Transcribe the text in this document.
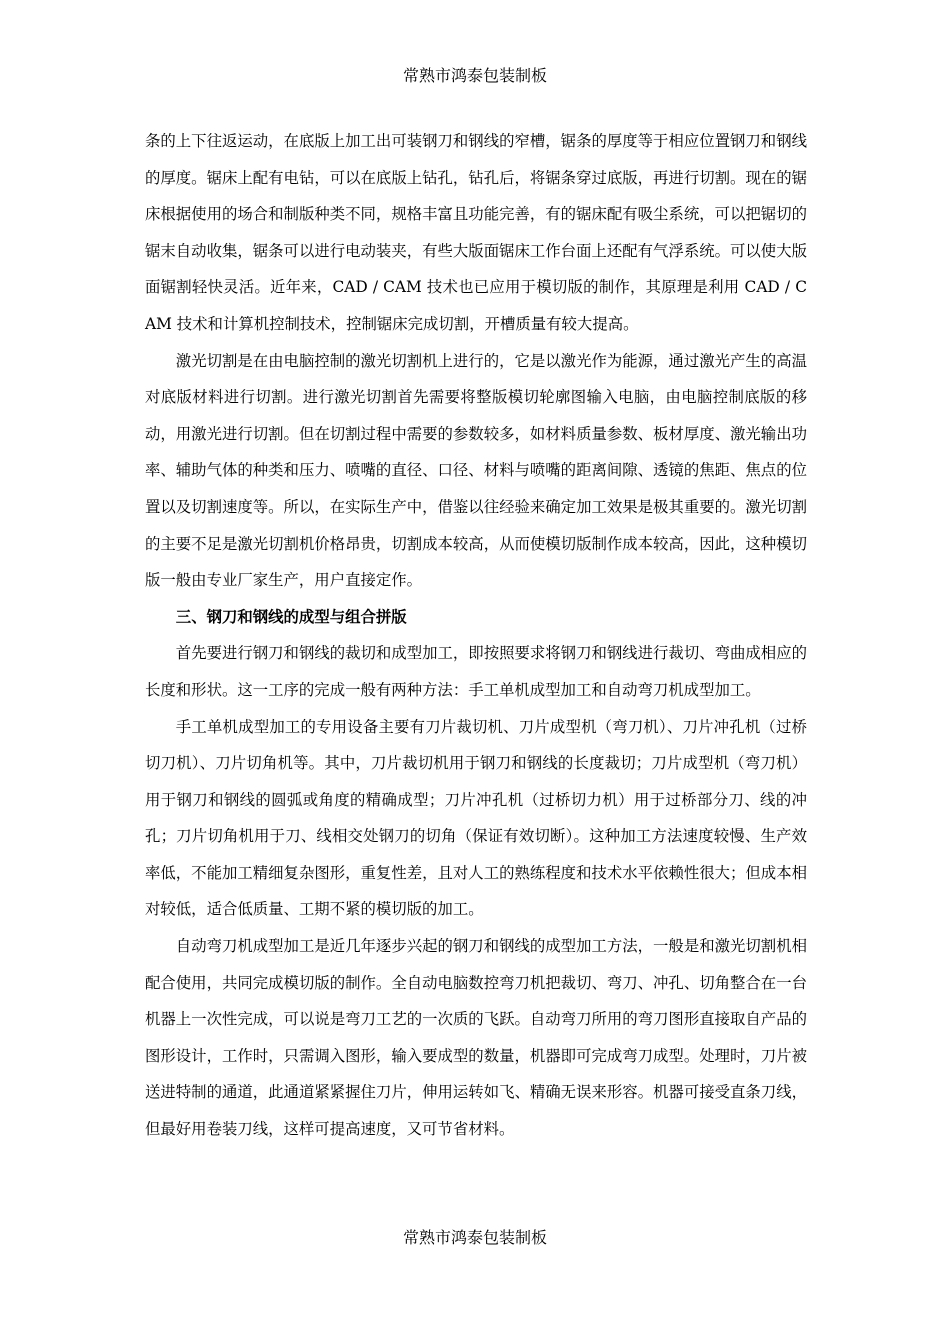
常熟市鸿泰包装制板

条的上下往返运动，在底版上加工出可装钢刀和钢线的窄槽，锯条的厚度等于相应位置钢刀和钢线的厚度。锯床上配有电钻，可以在底版上钻孔，钻孔后，将锯条穿过底版，再进行切割。现在的锯床根据使用的场合和制版种类不同，规格丰富且功能完善，有的锯床配有吸尘系统，可以把锯切的锯末自动收集，锯条可以进行电动装夹，有些大版面锯床工作台面上还配有气浮系统。可以使大版面锯割轻快灵活。近年来，CAD / CAM 技术也已应用于模切版的制作，其原理是利用 CAD / CAM 技术和计算机控制技术，控制锯床完成切割，开槽质量有较大提高。

激光切割是在由电脑控制的激光切割机上进行的，它是以激光作为能源，通过激光产生的高温对底版材料进行切割。进行激光切割首先需要将整版模切轮廓图输入电脑，由电脑控制底版的移动，用激光进行切割。但在切割过程中需要的参数较多，如材料质量参数、板材厚度、激光输出功率、辅助气体的种类和压力、喷嘴的直径、口径、材料与喷嘴的距离间隙、透镜的焦距、焦点的位置以及切割速度等。所以，在实际生产中，借鉴以往经验来确定加工效果是极其重要的。激光切割的主要不足是激光切割机价格昂贵，切割成本较高，从而使模切版制作成本较高，因此，这种模切版一般由专业厂家生产，用户直接定作。

三、钢刀和钢线的成型与组合拼版

首先要进行钢刀和钢线的裁切和成型加工，即按照要求将钢刀和钢线进行裁切、弯曲成相应的长度和形状。这一工序的完成一般有两种方法：手工单机成型加工和自动弯刀机成型加工。

手工单机成型加工的专用设备主要有刀片裁切机、刀片成型机（弯刀机）、刀片冲孔机（过桥切刀机）、刀片切角机等。其中，刀片裁切机用于钢刀和钢线的长度裁切；刀片成型机（弯刀机）用于钢刀和钢线的圆弧或角度的精确成型；刀片冲孔机（过桥切力机）用于过桥部分刀、线的冲孔；刀片切角机用于刀、线相交处钢刀的切角（保证有效切断）。这种加工方法速度较慢、生产效率低，不能加工精细复杂图形，重复性差，且对人工的熟练程度和技术水平依赖性很大；但成本相对较低，适合低质量、工期不紧的模切版的加工。

自动弯刀机成型加工是近几年逐步兴起的钢刀和钢线的成型加工方法，一般是和激光切割机相配合使用，共同完成模切版的制作。全自动电脑数控弯刀机把裁切、弯刀、冲孔、切角整合在一台机器上一次性完成，可以说是弯刀工艺的一次质的飞跃。自动弯刀所用的弯刀图形直接取自产品的图形设计，工作时，只需调入图形，输入要成型的数量，机器即可完成弯刀成型。处理时，刀片被送进特制的通道，此通道紧紧握住刀片，伸用运转如飞、精确无误来形容。机器可接受直条刀线，但最好用卷装刀线，这样可提高速度，又可节省材料。

常熟市鸿泰包装制板
